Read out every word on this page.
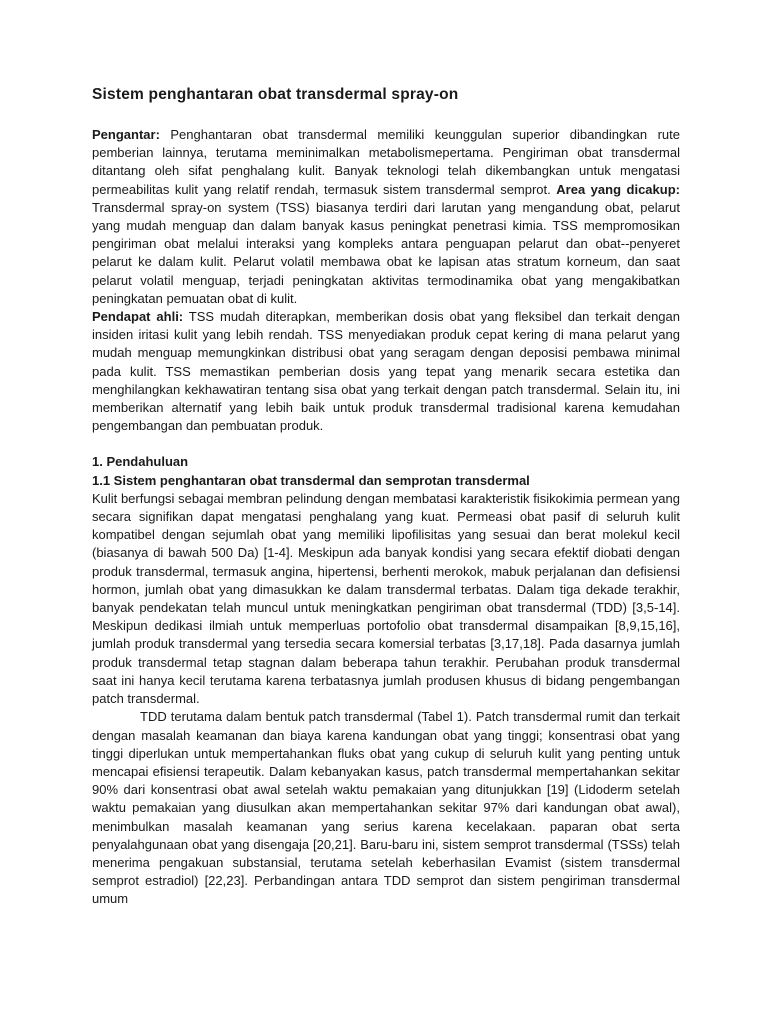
Sistem penghantaran obat transdermal spray-on

Pengantar: Penghantaran obat transdermal memiliki keunggulan superior dibandingkan rute pemberian lainnya, terutama meminimalkan metabolismepertama. Pengiriman obat transdermal ditantang oleh sifat penghalang kulit. Banyak teknologi telah dikembangkan untuk mengatasi permeabilitas kulit yang relatif rendah, termasuk sistem transdermal semprot. Area yang dicakup: Transdermal spray-on system (TSS) biasanya terdiri dari larutan yang mengandung obat, pelarut yang mudah menguap dan dalam banyak kasus peningkat penetrasi kimia. TSS mempromosikan pengiriman obat melalui interaksi yang kompleks antara penguapan pelarut dan obat--penyeret pelarut ke dalam kulit. Pelarut volatil membawa obat ke lapisan atas stratum korneum, dan saat pelarut volatil menguap, terjadi peningkatan aktivitas termodinamika obat yang mengakibatkan peningkatan pemuatan obat di kulit.

Pendapat ahli: TSS mudah diterapkan, memberikan dosis obat yang fleksibel dan terkait dengan insiden iritasi kulit yang lebih rendah. TSS menyediakan produk cepat kering di mana pelarut yang mudah menguap memungkinkan distribusi obat yang seragam dengan deposisi pembawa minimal pada kulit. TSS memastikan pemberian dosis yang tepat yang menarik secara estetika dan menghilangkan kekhawatiran tentang sisa obat yang terkait dengan patch transdermal. Selain itu, ini memberikan alternatif yang lebih baik untuk produk transdermal tradisional karena kemudahan pengembangan dan pembuatan produk.

1. Pendahuluan
1.1 Sistem penghantaran obat transdermal dan semprotan transdermal

Kulit berfungsi sebagai membran pelindung dengan membatasi karakteristik fisikokimia permean yang secara signifikan dapat mengatasi penghalang yang kuat. Permeasi obat pasif di seluruh kulit kompatibel dengan sejumlah obat yang memiliki lipofilisitas yang sesuai dan berat molekul kecil (biasanya di bawah 500 Da) [1-4]. Meskipun ada banyak kondisi yang secara efektif diobati dengan produk transdermal, termasuk angina, hipertensi, berhenti merokok, mabuk perjalanan dan defisiensi hormon, jumlah obat yang dimasukkan ke dalam transdermal terbatas. Dalam tiga dekade terakhir, banyak pendekatan telah muncul untuk meningkatkan pengiriman obat transdermal (TDD) [3,5-14]. Meskipun dedikasi ilmiah untuk memperluas portofolio obat transdermal disampaikan [8,9,15,16], jumlah produk transdermal yang tersedia secara komersial terbatas [3,17,18]. Pada dasarnya jumlah produk transdermal tetap stagnan dalam beberapa tahun terakhir. Perubahan produk transdermal saat ini hanya kecil terutama karena terbatasnya jumlah produsen khusus di bidang pengembangan patch transdermal.

TDD terutama dalam bentuk patch transdermal (Tabel 1). Patch transdermal rumit dan terkait dengan masalah keamanan dan biaya karena kandungan obat yang tinggi; konsentrasi obat yang tinggi diperlukan untuk mempertahankan fluks obat yang cukup di seluruh kulit yang penting untuk mencapai efisiensi terapeutik. Dalam kebanyakan kasus, patch transdermal mempertahankan sekitar 90% dari konsentrasi obat awal setelah waktu pemakaian yang ditunjukkan [19] (Lidoderm setelah waktu pemakaian yang diusulkan akan mempertahankan sekitar 97% dari kandungan obat awal), menimbulkan masalah keamanan yang serius karena kecelakaan. paparan obat serta penyalahgunaan obat yang disengaja [20,21]. Baru-baru ini, sistem semprot transdermal (TSSs) telah menerima pengakuan substansial, terutama setelah keberhasilan Evamist (sistem transdermal semprot estradiol) [22,23]. Perbandingan antara TDD semprot dan sistem pengiriman transdermal umum
